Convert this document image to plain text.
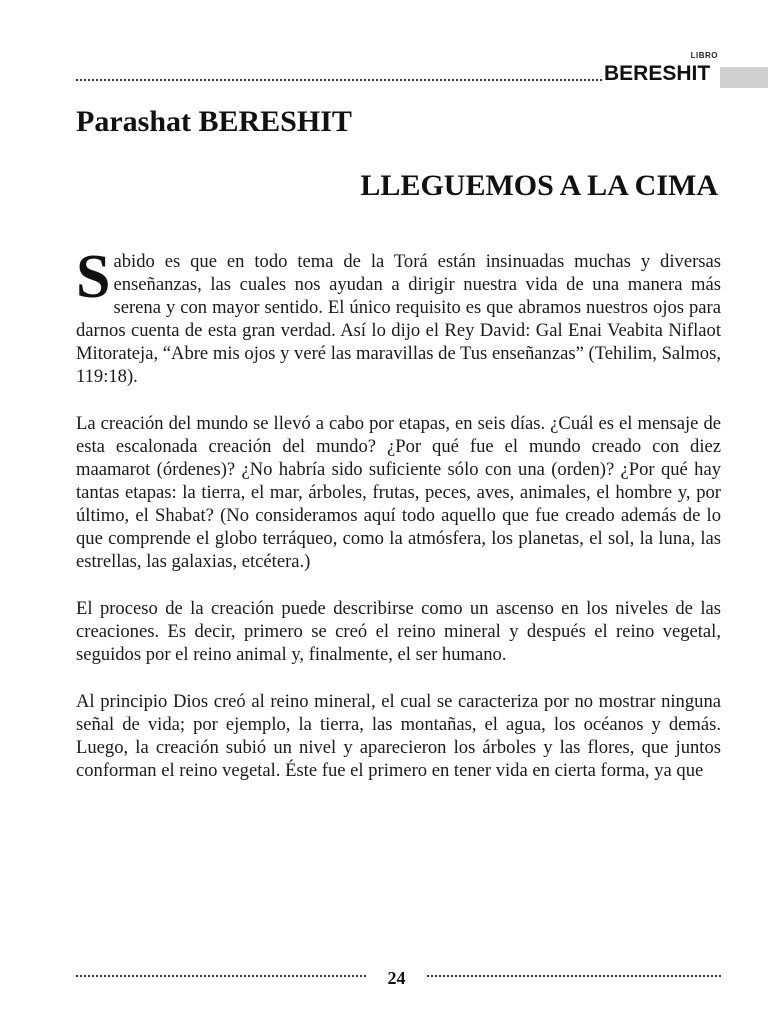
LIBRO
BERESHIT
Parashat BERESHIT
LLEGUEMOS A LA CIMA

Sabido es que en todo tema de la Torá están insinuadas muchas y diversas enseñanzas, las cuales nos ayudan a dirigir nuestra vida de una manera más serena y con mayor sentido. El único requisito es que abramos nuestros ojos para darnos cuenta de esta gran verdad. Así lo dijo el Rey David: Gal Enai Veabita Niflaot Mitorateja, “Abre mis ojos y veré las maravillas de Tus enseñanzas” (Tehilim, Salmos, 119:18).

La creación del mundo se llevó a cabo por etapas, en seis días. ¿Cuál es el mensaje de esta escalonada creación del mundo? ¿Por qué fue el mundo creado con diez maamarot (órdenes)? ¿No habría sido suficiente sólo con una (orden)? ¿Por qué hay tantas etapas: la tierra, el mar, árboles, frutas, peces, aves, animales, el hombre y, por último, el Shabat? (No consideramos aquí todo aquello que fue creado además de lo que comprende el globo terráqueo, como la atmósfera, los planetas, el sol, la luna, las estrellas, las galaxias, etcétera.)

El proceso de la creación puede describirse como un ascenso en los niveles de las creaciones. Es decir, primero se creó el reino mineral y después el reino vegetal, seguidos por el reino animal y, finalmente, el ser humano.

Al principio Dios creó al reino mineral, el cual se caracteriza por no mostrar ninguna señal de vida; por ejemplo, la tierra, las montañas, el agua, los océanos y demás. Luego, la creación subió un nivel y aparecieron los árboles y las flores, que juntos conforman el reino vegetal. Éste fue el primero en tener vida en cierta forma, ya que

24
